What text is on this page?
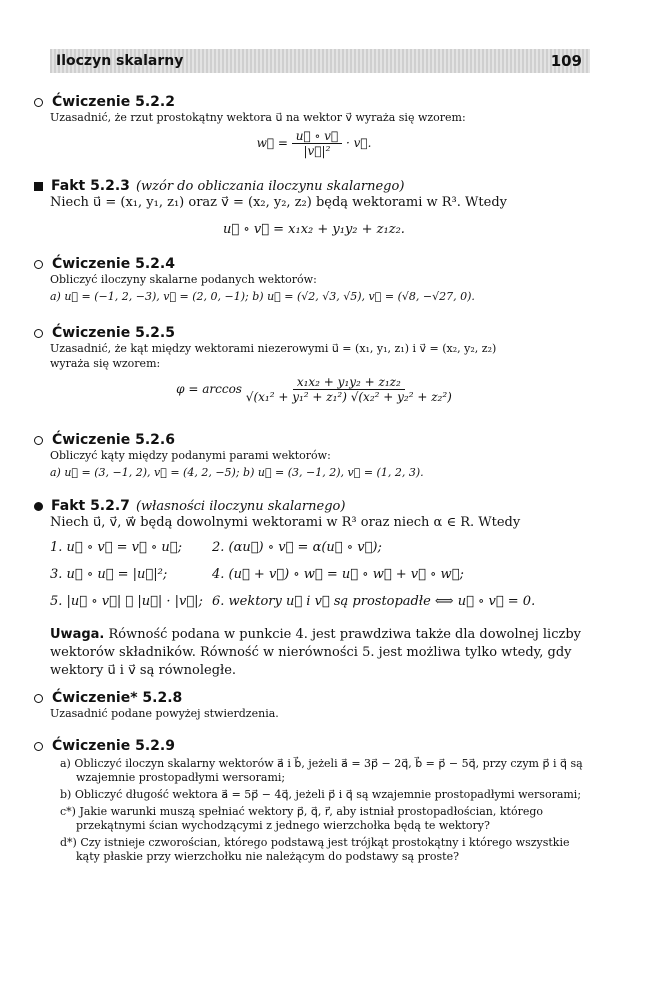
Iloczyn skalarny	109
Ćwiczenie 5.2.2
Uzasadnić, że rzut prostokątny wektora u⃗ na wektor v⃗ wyraża się wzorem:
w⃗ = $\frac{u⃗ \circ v⃗}{\text{|v⃗|²}}$ · v⃗.
Fakt 5.2.3 (wzór do obliczania iloczynu skalarnego)
Niech u⃗ = (x₁, y₁, z₁) oraz v⃗ = (x₂, y₂, z₂) będą wektorami w R³. Wtedy
u⃗ ∘ v⃗ = x₁x₂ + y₁y₂ + z₁z₂.
Ćwiczenie 5.2.4
Obliczyć iloczyny skalarne podanych wektorów:
a) u⃗ = (−1, 2, −3), v⃗ = (2, 0, −1); b) u⃗ = (√2, √3, √5), v⃗ = (√8, −√27, 0).
Ćwiczenie 5.2.5
Uzasadnić, że kąt między wektorami niezerowymi u⃗ = (x₁, y₁, z₁) i v⃗ = (x₂, y₂, z₂)
wyraża się wzorem:
$\varphi = \arccos \frac{\text{x₁x₂ + y₁y₂ + z₁z₂}}{\text{√(x₁² + y₁² + z₁²) √(x₂² + y₂² + z₂²)}}$
Ćwiczenie 5.2.6
Obliczyć kąty między podanymi parami wektorów:
a) u⃗ = (3, −1, 2), v⃗ = (4, 2, −5); b) u⃗ = (3, −1, 2), v⃗ = (1, 2, 3).
Fakt 5.2.7 (własności iloczynu skalarnego)
Niech u⃗, v⃗, w⃗ będą dowolnymi wektorami w R³ oraz niech α ∈ R. Wtedy
1. u⃗ ∘ v⃗ = v⃗ ∘ u⃗;	2. (αu⃗) ∘ v⃗ = α(u⃗ ∘ v⃗);
3. u⃗ ∘ u⃗ = |u⃗|²;	4. (u⃗ + v⃗) ∘ w⃗ = u⃗ ∘ w⃗ + v⃗ ∘ w⃗;
5. |u⃗ ∘ v⃗| ⩽ |u⃗| · |v⃗|; 6. wektory u⃗ i v⃗ są prostopadłe ⟺ u⃗ ∘ v⃗ = 0.
Uwaga. Równość podana w punkcie 4. jest prawdziwa także dla dowolnej liczby wektorów składników. Równość w nierówności 5. jest możliwa tylko wtedy, gdy wektory u⃗ i v⃗ są równoległe.
Ćwiczenie* 5.2.8
Uzasadnić podane powyżej stwierdzenia.
Ćwiczenie 5.2.9
a) Obliczyć iloczyn skalarny wektorów a⃗ i b⃗, jeżeli a⃗ = 3p⃗ − 2q⃗, b⃗ = p⃗ − 5q⃗, przy czym p⃗ i q⃗ są wzajemnie prostopadłymi wersorami;
b) Obliczyć długość wektora a⃗ = 5p⃗ − 4q⃗, jeżeli p⃗ i q⃗ są wzajemnie prostopadłymi wersorami;
c*) Jakie warunki muszą spełniać wektory p⃗, q⃗, r⃗, aby istniał prostopadłościan, którego przekątnymi ścian wychodzącymi z jednego wierzchołka będą te wektory?
d*) Czy istnieje czworościan, którego podstawą jest trójkąt prostokątny i którego wszystkie kąty płaskie przy wierzchołku nie należącym do podstawy są proste?
